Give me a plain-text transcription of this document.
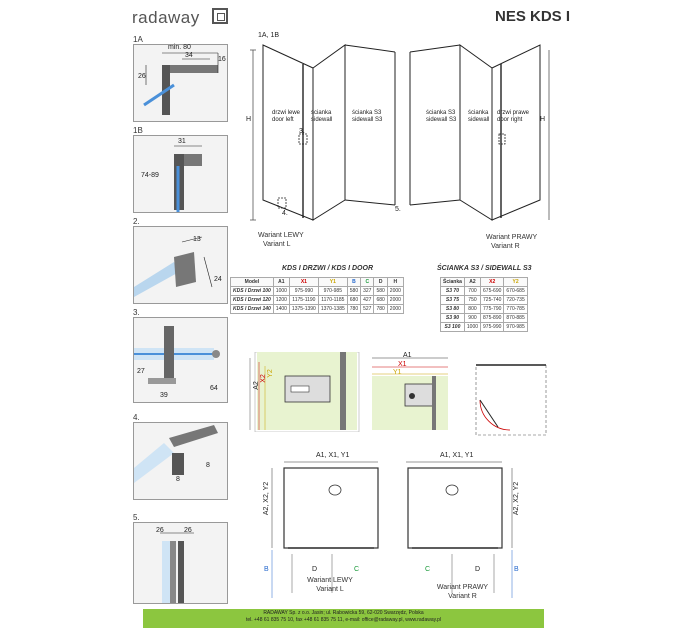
radaway	NES KDS I
1A
min. 80
34
16
26
1B
31
74-89
2.
13
24
3.
27
39
64
4.
8
8
5.
26	26
1A, 1B
H
drzwi lewe
door left
ścianka
sidewall
ścianka S3
sidewall S3
3.
4.
Wariant LEWY
Variant L
H
ścianka S3
sidewall S3
ścianka
sidewall
drzwi prawe
door right
5.
Wariant PRAWY
Variant R
KDS I DRZWI / KDS I DOOR
Model	A1	X1	Y1	B	C	D	H
KDS I Drzwi 100	1000	975-990	970-985	580	327	580	2000
KDS I Drzwi 120	1200	1175-1190	1170-1185	680	427	680	2000
KDS I Drzwi 140	1400	1375-1390	1370-1385	780	527	780	2000
ŚCIANKA S3 / SIDEWALL S3
Ścianka	A2	X2	Y2
S3 70	700	675-690	670-685
S3 75	750	725-740	720-735
S3 80	800	775-790	770-785
S3 90	900	875-890	870-885
S3 100	1000	975-990	970-985
A2
X2
Y2
A1
X1
Y1
A1, X1, Y1
A2, X2, Y2
D	C
B
Wariant LEWY
Variant L
A1, X1, Y1
A2, X2, Y2
C	D	B
Wariant PRAWY
Variant R
RADAWAY Sp. z o.o. Jasin; ul. Rabowicka 59, 62-020 Swarzędz, Polska
tel. +48 61 835 75 10, fax +48 61 835 75 11, e-mail: office@radaway.pl, www.radaway.pl
